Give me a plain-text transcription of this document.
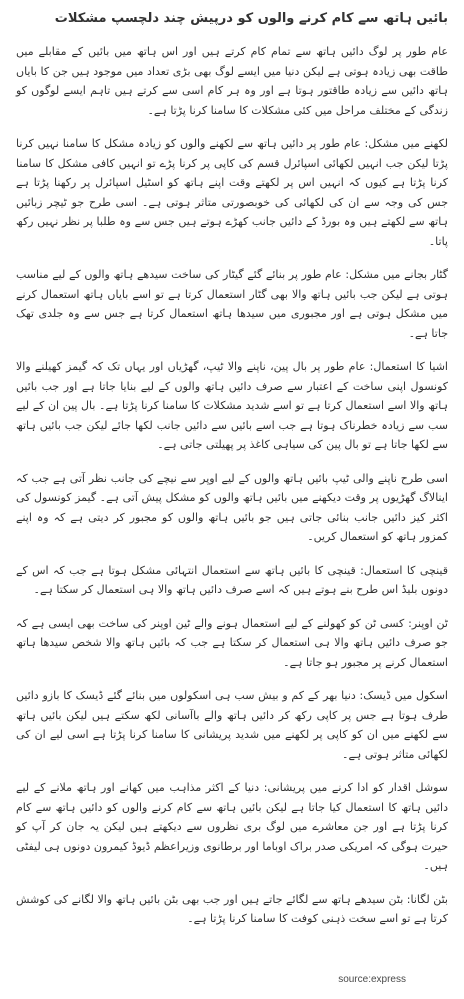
بائیں ہاتھ سے کام کرنے والوں کو درپیش چند دلچسپ مشکلات

عام طور پر لوگ دائیں ہاتھ سے تمام کام کرتے ہیں اور اس ہاتھ میں بائیں کے مقابلے میں طاقت بھی زیادہ ہوتی ہے لیکن دنیا میں ایسے لوگ بھی بڑی تعداد میں موجود ہیں جن کا بایاں ہاتھ دائیں سے زیادہ طاقتور ہوتا ہے اور وہ ہر کام اسی سے کرتے ہیں تاہم ایسے لوگوں کو زندگی کے مختلف مراحل میں کئی مشکلات کا سامنا کرنا پڑتا ہے۔

لکھنے میں مشکل: عام طور پر دائیں ہاتھ سے لکھنے والوں کو زیادہ مشکل کا سامنا نہیں کرنا پڑتا لیکن جب انہیں لکھائی اسپائرل قسم کی کاپی پر کرنا پڑے تو انہیں کافی مشکل کا سامنا کرنا پڑتا ہے کیوں کہ انہیں اس پر لکھتے وقت اپنے ہاتھ کو اسٹیل اسپائرل پر رکھنا پڑتا ہے جس کی وجہ سے ان کی لکھائی کی خوبصورتی متاثر ہوتی ہے۔ اسی طرح جو ٹیچر زبائیں ہاتھ سے لکھتے ہیں وہ بورڈ کے دائیں جانب کھڑے ہوتے ہیں جس سے وہ طلبا پر نظر نہیں رکھ پاتا۔

گٹار بجانے میں مشکل: عام طور پر بنائے گئے گیٹار کی ساخت سیدھے ہاتھ والوں کے لیے مناسب ہوتی ہے لیکن جب بائیں ہاتھ والا بھی گٹار استعمال کرتا ہے تو اسے بایاں ہاتھ استعمال کرنے میں مشکل ہوتی ہے اور مجبوری میں سیدھا ہاتھ استعمال کرتا ہے جس سے وہ جلدی تھک جاتا ہے۔

اشیا کا استعمال: عام طور پر بال پین، ناپنے والا ٹیپ، گھڑیاں اور یہاں تک کہ گیمز کھیلنے والا کونسول اپنی ساخت کے اعتبار سے صرف دائیں ہاتھ والوں کے لیے بنایا جاتا ہے اور جب بائیں ہاتھ والا اسے استعمال کرتا ہے تو اسے شدید مشکلات کا سامنا کرنا پڑتا ہے۔ بال پین ان کے لیے سب سے زیادہ خطرناک ہوتا ہے جب اسے بائیں سے دائیں جانب لکھا جائے لیکن جب بائیں ہاتھ سے لکھا جاتا ہے تو بال پین کی سیاہی کاغذ پر پھیلتی جاتی ہے۔

اسی طرح ناپنے والی ٹیپ بائیں ہاتھ والوں کے لیے اوپر سے نیچے کی جانب نظر آتی ہے جب کہ اینالاگ گھڑیوں پر وقت دیکھنے میں بائیں ہاتھ والوں کو مشکل پیش آتی ہے۔ گیمز کونسول کی اکثر کیز دائیں جانب بنائی جاتی ہیں جو بائیں ہاتھ والوں کو مجبور کر دیتی ہے کہ وہ اپنے کمزور ہاتھ کو استعمال کریں۔

قینچی کا استعمال: قینچی کا بائیں ہاتھ سے استعمال انتہائی مشکل ہوتا ہے جب کہ اس کے دونوں بلیڈ اس طرح بنے ہوتے ہیں کہ اسے صرف دائیں ہاتھ والا ہی استعمال کر سکتا ہے۔

ٹن اوپنر: کسی ٹن کو کھولنے کے لیے استعمال ہونے والے ٹین اوپنر کی ساخت بھی ایسی ہے کہ جو صرف دائیں ہاتھ والا ہی استعمال کر سکتا ہے جب کہ بائیں ہاتھ والا شخص سیدھا ہاتھ استعمال کرنے پر مجبور ہو جاتا ہے۔

اسکول میں ڈیسک: دنیا بھر کے کم و بیش سب ہی اسکولوں میں بنائے گئے ڈیسک کا بازو دائیں طرف ہوتا ہے جس پر کاپی رکھ کر دائیں ہاتھ والے باآسانی لکھ سکتے ہیں لیکن بائیں ہاتھ سے لکھنے میں ان کو کاپی پر لکھنے میں شدید پریشانی کا سامنا کرنا پڑتا ہے اسی لیے ان کی لکھائی متاثر ہوتی ہے۔

سوشل اقدار کو ادا کرنے میں پریشانی: دنیا کے اکثر مذاہب میں کھانے اور ہاتھ ملانے کے لیے دائیں ہاتھ کا استعمال کیا جاتا ہے لیکن بائیں ہاتھ سے کام کرنے والوں کو دائیں ہاتھ سے کام کرنا پڑتا ہے اور جن معاشرے میں لوگ بری نظروں سے دیکھتے ہیں لیکن یہ جان کر آپ کو حیرت ہوگی کہ امریکی صدر براک اوباما اور برطانوی وزیراعظم ڈیوڈ کیمرون دونوں ہی لیفٹی ہیں۔

بٹن لگانا: بٹن سیدھے ہاتھ سے لگائے جاتے ہیں اور جب بھی بٹن بائیں ہاتھ والا لگانے کی کوشش کرتا ہے تو اسے سخت ذہنی کوفت کا سامنا کرنا پڑتا ہے۔

source:express
